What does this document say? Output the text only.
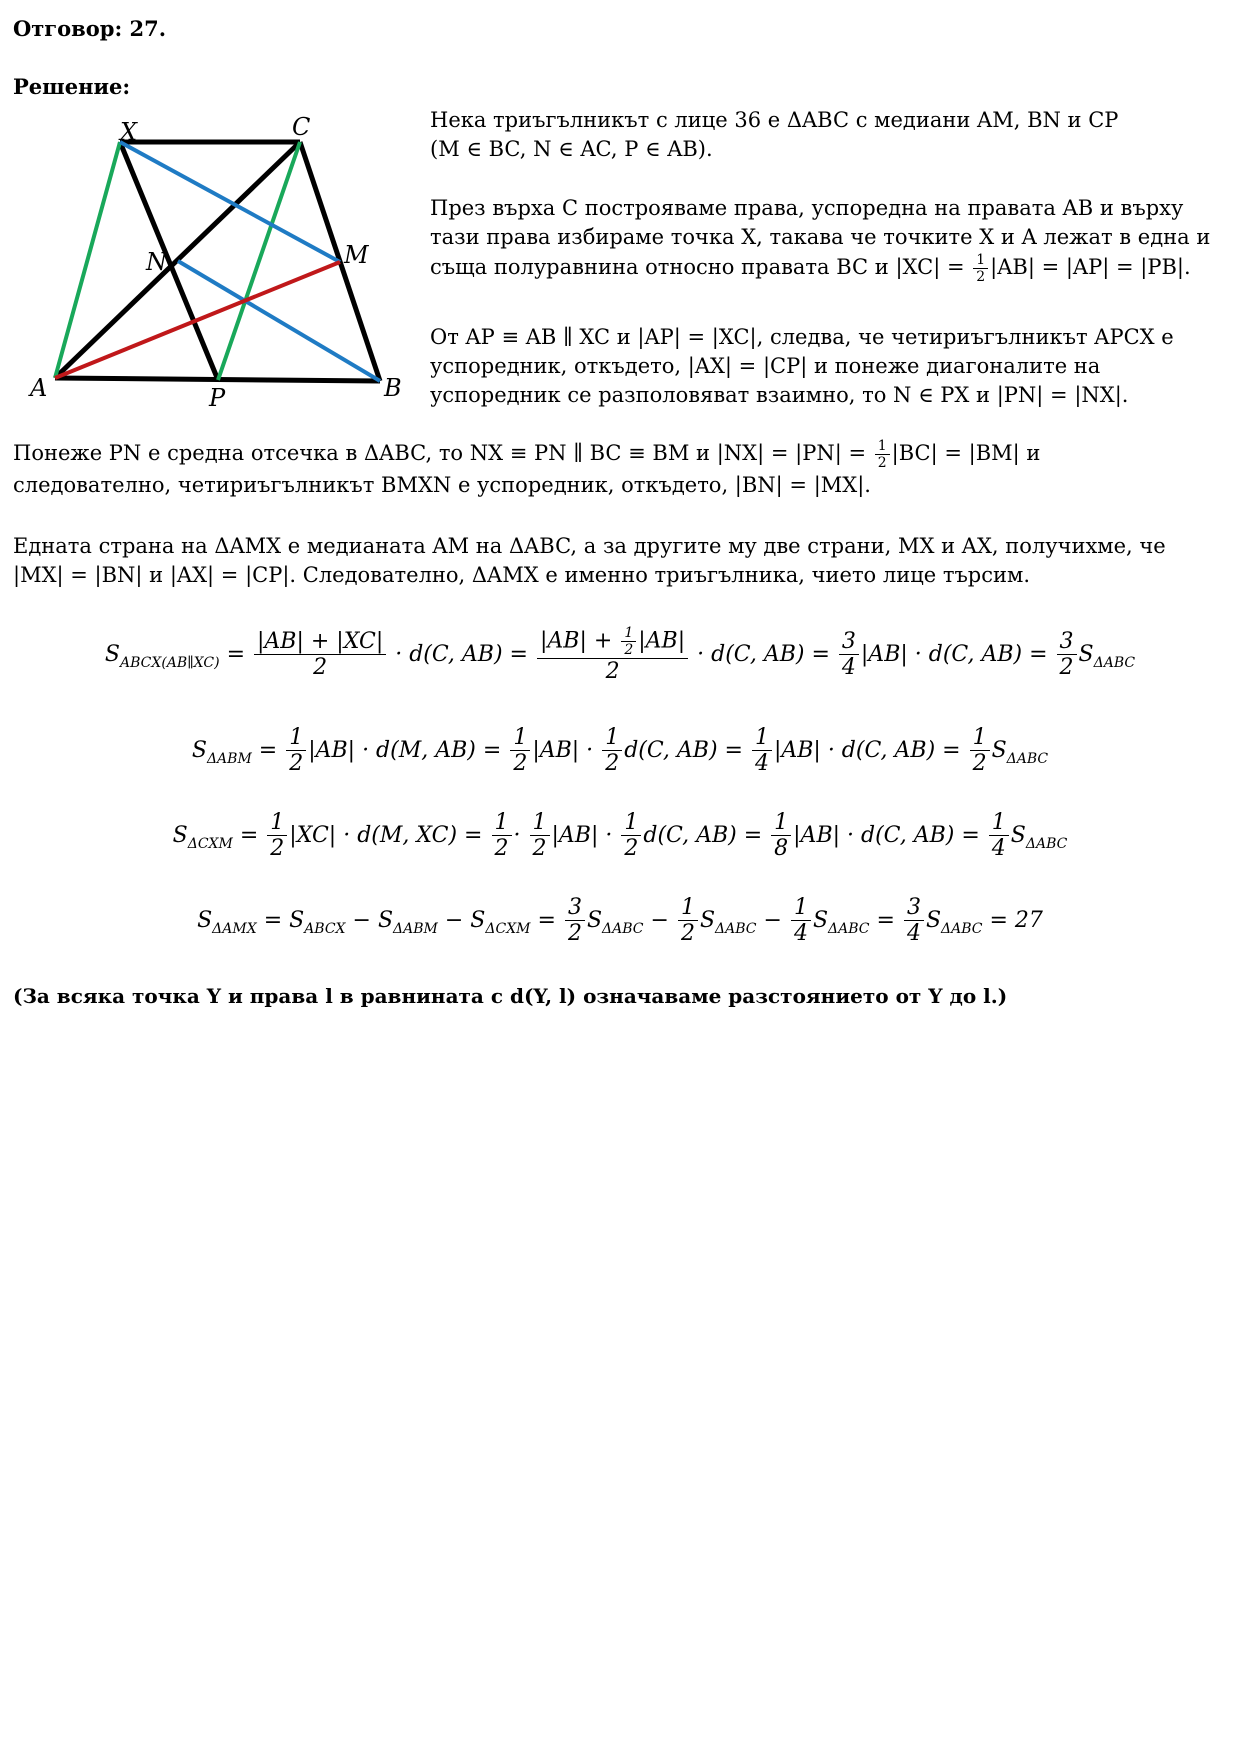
Отговор: 27.
Решение:
X	C
N	M
A	P	B
Нека триъгълникът с лице 36 е ΔABC с медиани AM, BN и CP
(M ∈ BC, N ∈ AC, P ∈ AB).
През върха C построяваме права, успоредна на правата AB и върху
тази права избираме точка X, такава че точките X и A лежат в една и
съща полуравнина относно правата BC и $|XC| = \frac{1}{2} |AB| = |AP| = |PB|$.
От AP ≡ AB ∥ XC и |AP| = |XC|, следва, че четириъгълникът APCX е
успоредник, откъдето, |AX| = |CP| и понеже диагоналите на
успоредник се разполовяват взаимно, то N ∈ PX и |PN| = |NX|.
Понеже PN е средна отсечка в ΔABC, то NX ≡ PN ∥ BC ≡ BM и $|NX| = |PN| = \frac{1}{2} |BC| = |BM|$ и
следователно, четириъгълникът BMXN е успоредник, откъдето, |BN| = |MX|.
Едната страна на ΔAMX е медианата AM на ΔABC, а за другите му две страни, MX и AX, получихме, че
|MX| = |BN| и |AX| = |CP|. Следователно, ΔAMX е именно триъгълника, чието лице търсим.
$S_{ABCX(AB\parallel XC)} = \frac{|AB| + |XC|}{2} \cdot d(C$, $AB) = \frac{|AB| + \frac{1}{2} |AB|}{2} \cdot d(C$, $AB) = \frac{3}{4} |AB| \cdot d(C$, $AB) = \frac{3}{2} S_{\Delta ABC}$
$S_{\Delta ABM} = \frac{1}{2} |AB| \cdot d(M$, $AB) = \frac{1}{2} |AB| \cdot \frac{1}{2} d(C$, $AB) = \frac{1}{4} |AB| \cdot d(C$, $AB) = \frac{1}{2} S_{\Delta ABC}$
$S_{\Delta CXM} = \frac{1}{2} |XC| \cdot d(M$, $XC) = \frac{1}{2} \cdot \frac{1}{2} |AB| \cdot \frac{1}{2} d(C$, $AB) = \frac{1}{8} |AB| \cdot d(C$, $AB) = \frac{1}{4} S_{\Delta ABC}$
$S_{\Delta AMX} = S_{ABCX} - S_{\Delta ABM} - S_{\Delta CXM} = \frac{3}{2} S_{\Delta ABC} - \frac{1}{2} S_{\Delta ABC} - \frac{1}{4} S_{\Delta ABC} = \frac{3}{4} S_{\Delta ABC} = 27$
(За всяка точка Y и права l в равнината с d(Y, l) означаваме разстоянието от Y до l.)
